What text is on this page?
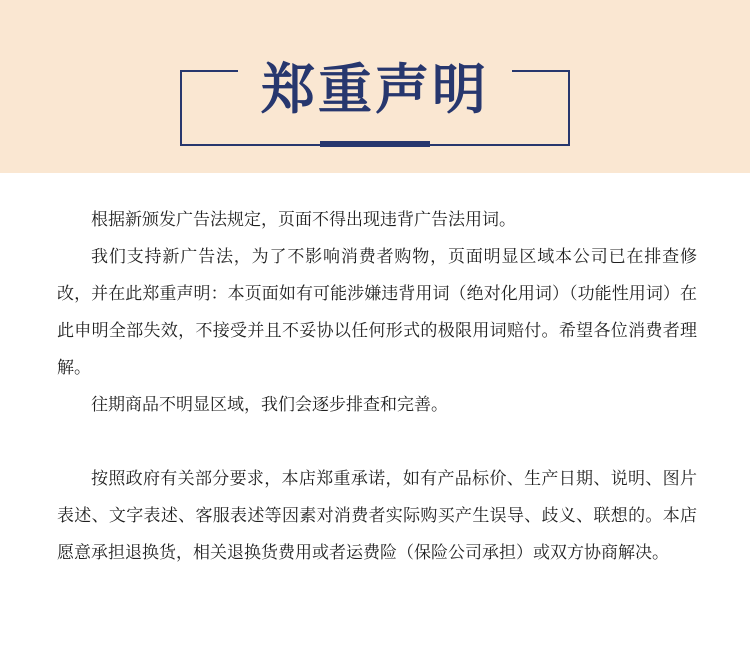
郑重声明

根据新颁发广告法规定，页面不得出现违背广告法用词。

我们支持新广告法，为了不影响消费者购物，页面明显区域本公司已在排查修改，并在此郑重声明：本页面如有可能涉嫌违背用词（绝对化用词）（功能性用词）在此申明全部失效，不接受并且不妥协以任何形式的极限用词赔付。希望各位消费者理解。

往期商品不明显区域，我们会逐步排查和完善。

按照政府有关部分要求，本店郑重承诺，如有产品标价、生产日期、说明、图片表述、文字表述、客服表述等因素对消费者实际购买产生误导、歧义、联想的。本店愿意承担退换货，相关退换货费用或者运费险（保险公司承担）或双方协商解决。
